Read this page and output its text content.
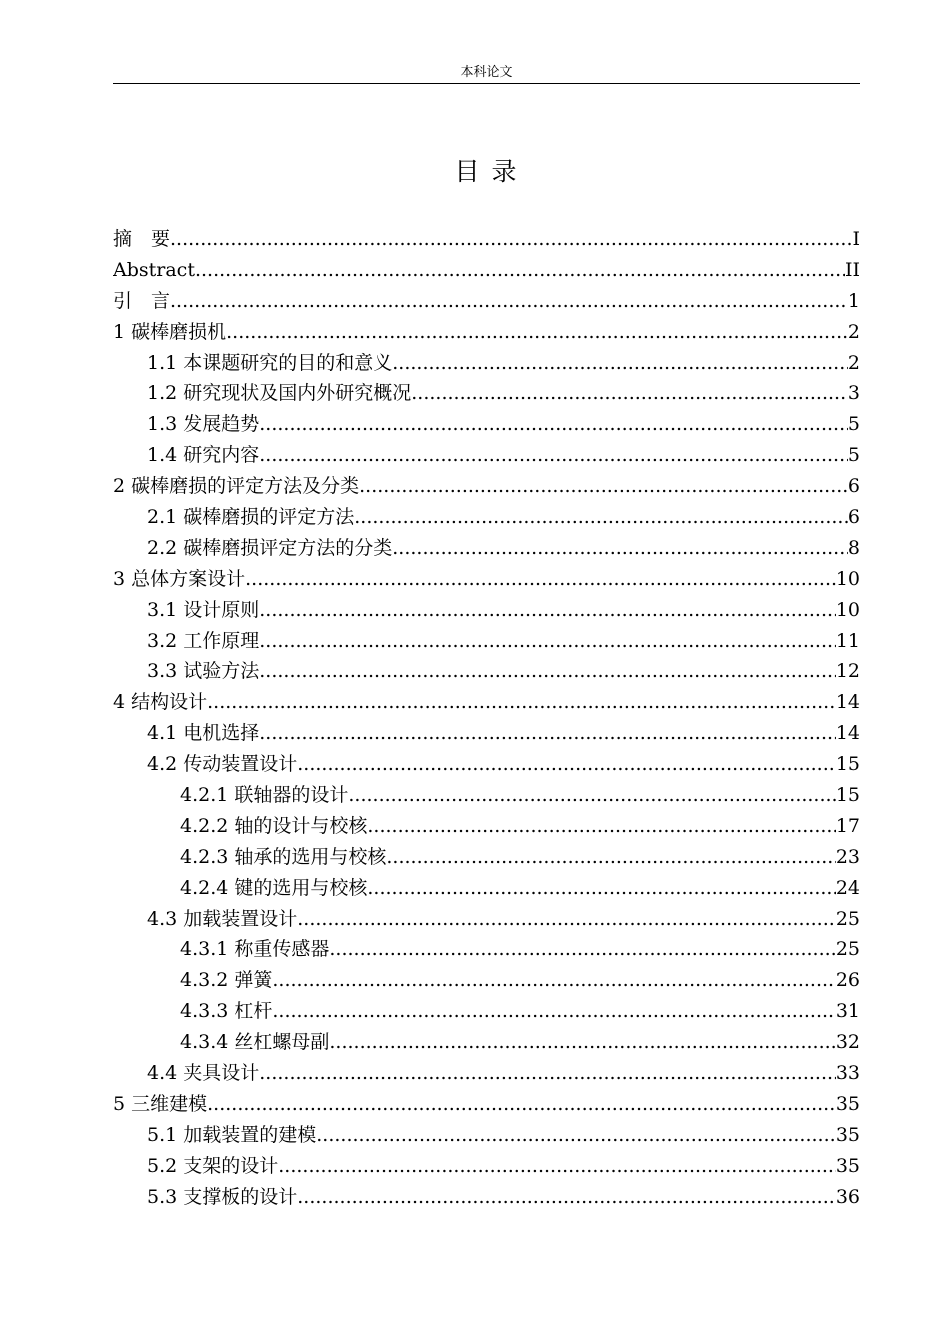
本科论文
目 录
摘　要 .....	I
Abstract .....	II
引　言 .....	1
1 碳棒磨损机 .....	2
1.1 本课题研究的目的和意义 .....	2
1.2 研究现状及国内外研究概况 .....	3
1.3 发展趋势 .....	5
1.4 研究内容 .....	5
2 碳棒磨损的评定方法及分类 .....	6
2.1 碳棒磨损的评定方法 .....	6
2.2 碳棒磨损评定方法的分类 .....	8
3 总体方案设计 .....	10
3.1 设计原则 .....	10
3.2 工作原理 .....	11
3.3 试验方法 .....	12
4 结构设计 .....	14
4.1 电机选择 .....	14
4.2 传动装置设计 .....	15
4.2.1 联轴器的设计 .....	15
4.2.2 轴的设计与校核 .....	17
4.2.3 轴承的选用与校核 .....	23
4.2.4 键的选用与校核 .....	24
4.3 加载装置设计 .....	25
4.3.1 称重传感器 .....	25
4.3.2 弹簧 .....	26
4.3.3 杠杆 .....	31
4.3.4 丝杠螺母副 .....	32
4.4 夹具设计 .....	33
5 三维建模 .....	35
5.1 加载装置的建模 .....	35
5.2 支架的设计 .....	35
5.3 支撑板的设计 .....	36
